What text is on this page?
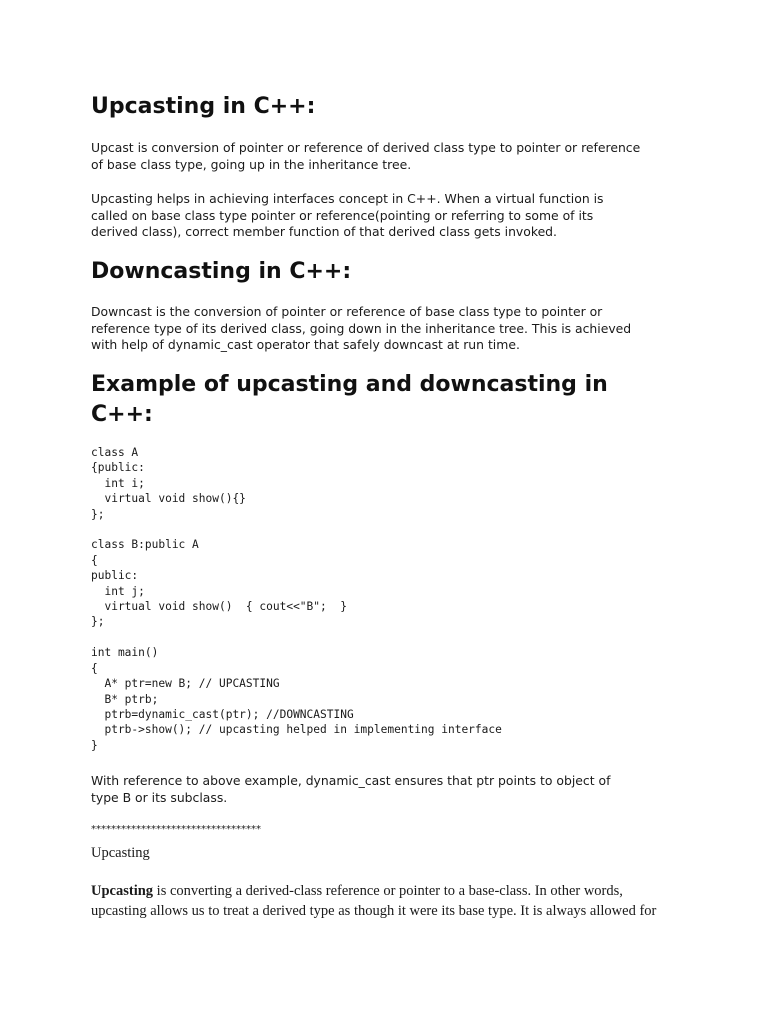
Upcasting in C++:

Upcast is conversion of pointer or reference of derived class type to pointer or reference
of base class type, going up in the inheritance tree.

Upcasting helps in achieving interfaces concept in C++. When a virtual function is
called on base class type pointer or reference(pointing or referring to some of its
derived class), correct member function of that derived class gets invoked.

Downcasting in C++:

Downcast is the conversion of pointer or reference of base class type to pointer or
reference type of its derived class, going down in the inheritance tree. This is achieved
with help of dynamic_cast operator that safely downcast at run time.

Example of upcasting and downcasting in
C++:
class A
{public:
int i;
virtual void show(){}
};
class B:public A
{
public:
int j;
virtual void show()  { cout<<"B";  }
};
int main()
{
A* ptr=new B; // UPCASTING
B* ptrb;
ptrb=dynamic_cast(ptr); //DOWNCASTING
ptrb->show(); // upcasting helped in implementing interface
}

With reference to above example, dynamic_cast ensures that ptr points to object of
type B or its subclass.

**********************************
Upcasting

Upcasting is converting a derived-class reference or pointer to a base-class. In other words,
upcasting allows us to treat a derived type as though it were its base type. It is always allowed for
